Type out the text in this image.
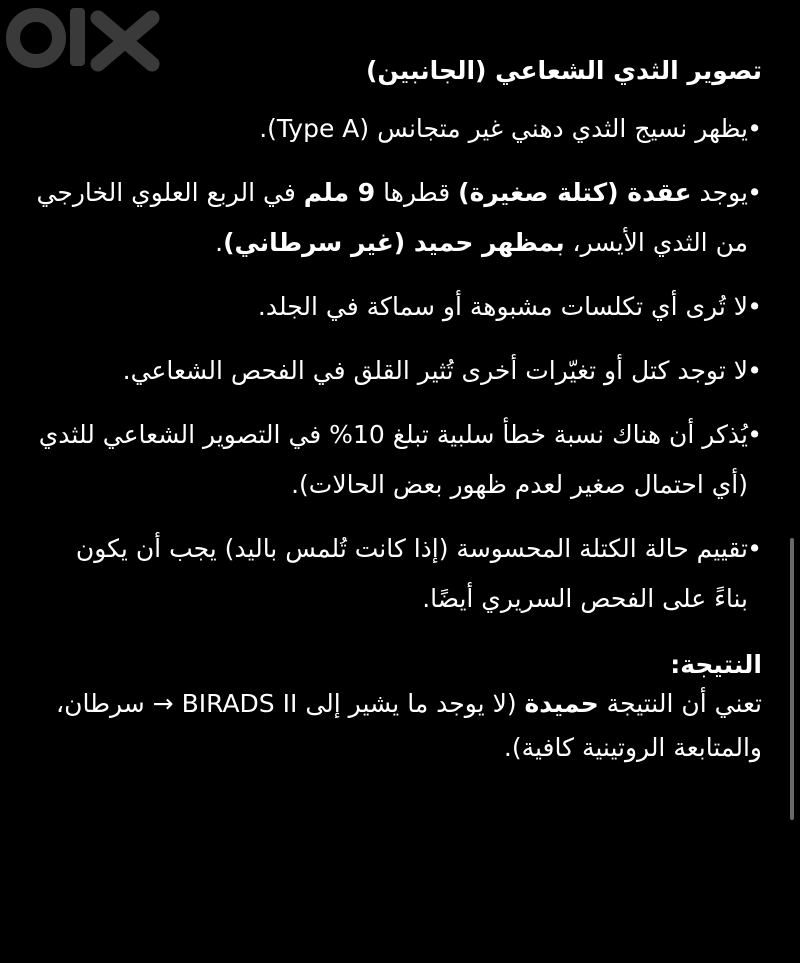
تصوير الثدي الشعاعي (الجانبين)
•
يظهر نسيج الثدي دهني غير متجانس (Type A).
•
يوجد عقدة (كتلة صغيرة) قطرها 9 ملم في الربع العلوي الخارجي من الثدي الأيسر، بمظهر حميد (غير سرطاني).
•
لا تُرى أي تكلسات مشبوهة أو سماكة في الجلد.
•
لا توجد كتل أو تغيّرات أخرى تُثير القلق في الفحص الشعاعي.
•
يُذكر أن هناك نسبة خطأ سلبية تبلغ 10% في التصوير الشعاعي للثدي (أي احتمال صغير لعدم ظهور بعض الحالات).
•
تقييم حالة الكتلة المحسوسة (إذا كانت تُلمس باليد) يجب أن يكون بناءً على الفحص السريري أيضًا.
النتيجة:
تعني أن النتيجة حميدة (لا يوجد ما يشير إلى BIRADS II → سرطان، والمتابعة الروتينية كافية).
